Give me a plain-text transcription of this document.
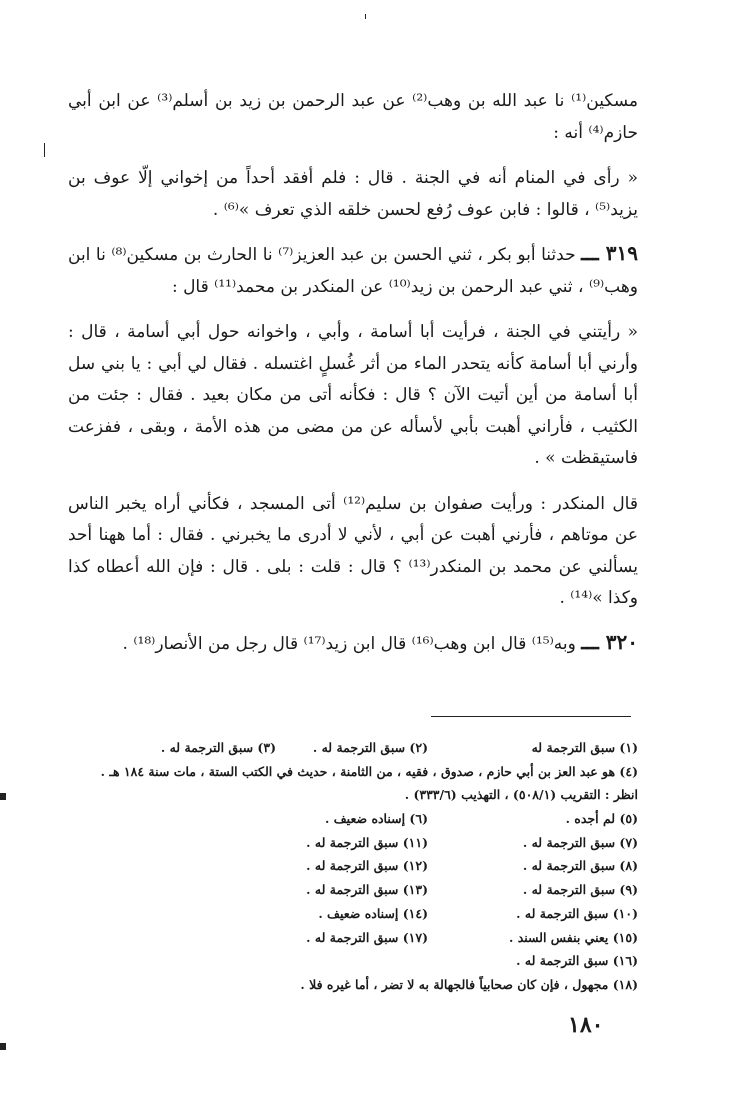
مسكين⁽¹⁾ نا عبد الله بن وهب⁽²⁾ عن عبد الرحمن بن زيد بن أسلم⁽³⁾ عن ابن أبي حازم⁽⁴⁾ أنه :

« رأى في المنام أنه في الجنة . قال : فلم أفقد أحداً من إخواني إلّا عوف بن يزيد⁽⁵⁾ ، قالوا : فابن عوف رُفع لحسن خلقه الذي تعرف »⁽⁶⁾ .

٣١٩ ـــ حدثنا أبو بكر ، ثني الحسن بن عبد العزيز⁽⁷⁾ نا الحارث بن مسكين⁽⁸⁾ نا ابن وهب⁽⁹⁾ ، ثني عبد الرحمن بن زيد⁽¹⁰⁾ عن المنكدر بن محمد⁽¹¹⁾ قال :

« رأيتني في الجنة ، فرأيت أبا أسامة ، وأبي ، واخوانه حول أبي أسامة ، قال : وأرني أبا أسامة كأنه يتحدر الماء من أثر غُسلٍ اغتسله . فقال لي أبي : يا بني سل أبا أسامة من أين أتيت الآن ؟ قال : فكأنه أتى من مكان بعيد . فقال : جئت من الكثيب ، فأراني أهبت بأبي لأسأله عن من مضى من هذه الأمة ، وبقى ، ففزعت فاستيقظت » .

قال المنكدر : ورأيت صفوان بن سليم⁽¹²⁾ أتى المسجد ، فكأني أراه يخبر الناس عن موتاهم ، فأرني أهبت عن أبي ، لأني لا أدرى ما يخبرني . فقال : أما ههنا أحد يسألني عن محمد بن المنكدر⁽¹³⁾ ؟ قال : قلت : بلى . قال : فإن الله أعطاه كذا وكذا »⁽¹⁴⁾ .

٣٢٠ ـــ وبه⁽¹⁵⁾ قال ابن وهب⁽¹⁶⁾ قال ابن زيد⁽¹⁷⁾ قال رجل من الأنصار⁽¹⁸⁾ .

(١) سبق الترجمة له
(٢) سبق الترجمة له .
(٣) سبق الترجمة له .
(٤) هو عبد العز بن أبي حازم ، صدوق ، فقيه ، من الثامنة ، حديث في الكتب الستة ، مات سنة ١٨٤ هـ .
انظر : التقريب (٥٠٨/١) ، التهذيب (٣٣٣/٦) .
(٥) لم أجده .
(٦) إسناده ضعيف .
(٧) سبق الترجمة له .
(١١) سبق الترجمة له .
(٨) سبق الترجمة له .
(١٢) سبق الترجمة له .
(٩) سبق الترجمة له .
(١٣) سبق الترجمة له .
(١٠) سبق الترجمة له .
(١٤) إسناده ضعيف .
(١٥) يعني بنفس السند .
(١٧) سبق الترجمة له .
(١٦) سبق الترجمة له .
(١٨) مجهول ، فإن كان صحابياً فالجهالة به لا تضر ، أما غيره فلا .
١٨٠
